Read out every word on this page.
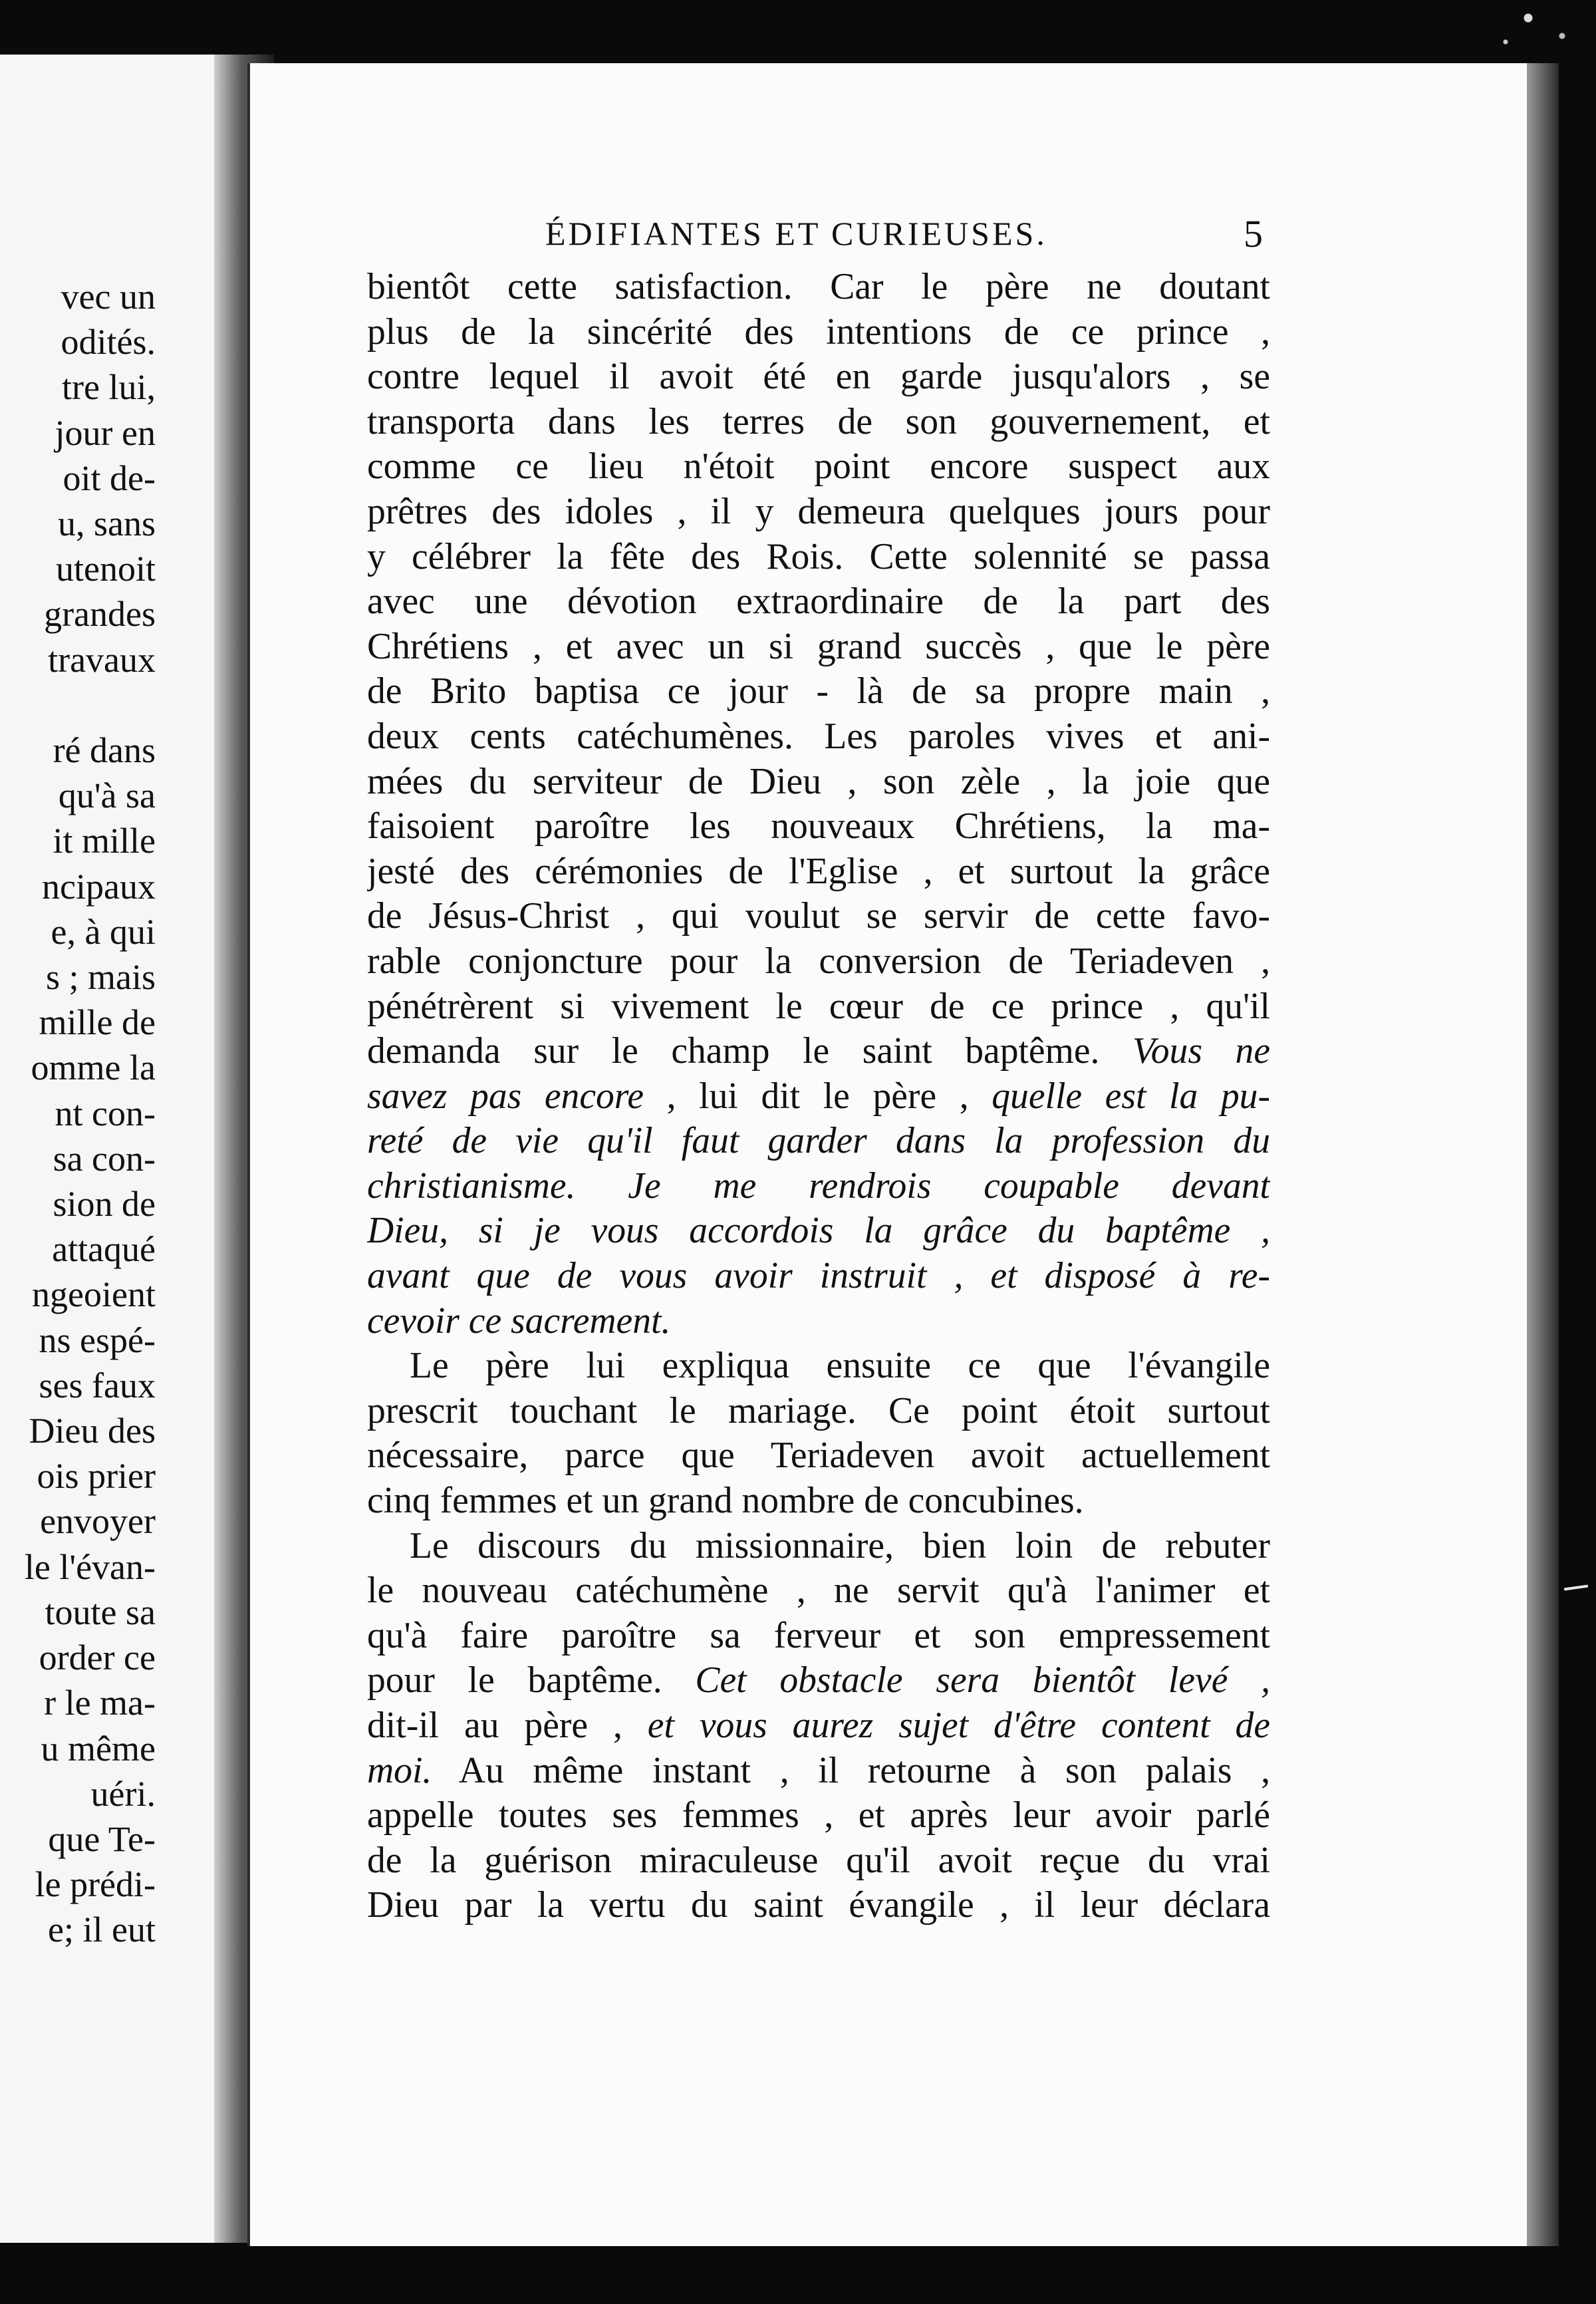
vec un
odités.
tre lui,
jour en
oit de-
u, sans
utenoit
grandes
travaux

ré dans
qu'à sa
it mille
ncipaux
e, à qui
s ; mais
mille de
omme la
nt con-
sa con-
sion de
attaqué
ngeoient
ns espé-
ses faux
Dieu des
ois prier
envoyer
le l'évan-
toute sa
order ce
r le ma-
u même
uéri.
que Te-
le prédi-
e; il eut
ÉDIFIANTES ET CURIEUSES.	5
bientôt cette satisfaction. Car le père ne doutant
plus de la sincérité des intentions de ce prince ,
contre lequel il avoit été en garde jusqu'alors , se
transporta dans les terres de son gouvernement, et
comme ce lieu n'étoit point encore suspect aux
prêtres des idoles , il y demeura quelques jours pour
y célébrer la fête des Rois. Cette solennité se passa
avec une dévotion extraordinaire de la part des
Chrétiens , et avec un si grand succès , que le père
de Brito baptisa ce jour - là de sa propre main ,
deux cents catéchumènes. Les paroles vives et ani-
mées du serviteur de Dieu , son zèle , la joie que
faisoient paroître les nouveaux Chrétiens, la ma-
jesté des cérémonies de l'Eglise , et surtout la grâce
de Jésus-Christ , qui voulut se servir de cette favo-
rable conjoncture pour la conversion de Teriadeven ,
pénétrèrent si vivement le cœur de ce prince , qu'il
demanda sur le champ le saint baptême. Vous ne
savez pas encore , lui dit le père , quelle est la pu-
reté de vie qu'il faut garder dans la profession du
christianisme. Je me rendrois coupable devant
Dieu, si je vous accordois la grâce du baptême ,
avant que de vous avoir instruit , et disposé à re-
cevoir ce sacrement.
Le père lui expliqua ensuite ce que l'évangile
prescrit touchant le mariage. Ce point étoit surtout
nécessaire, parce que Teriadeven avoit actuellement
cinq femmes et un grand nombre de concubines.
Le discours du missionnaire, bien loin de rebuter
le nouveau catéchumène , ne servit qu'à l'animer et
qu'à faire paroître sa ferveur et son empressement
pour le baptême. Cet obstacle sera bientôt levé ,
dit-il au père , et vous aurez sujet d'être content de
moi. Au même instant , il retourne à son palais ,
appelle toutes ses femmes , et après leur avoir parlé
de la guérison miraculeuse qu'il avoit reçue du vrai
Dieu par la vertu du saint évangile , il leur déclara
